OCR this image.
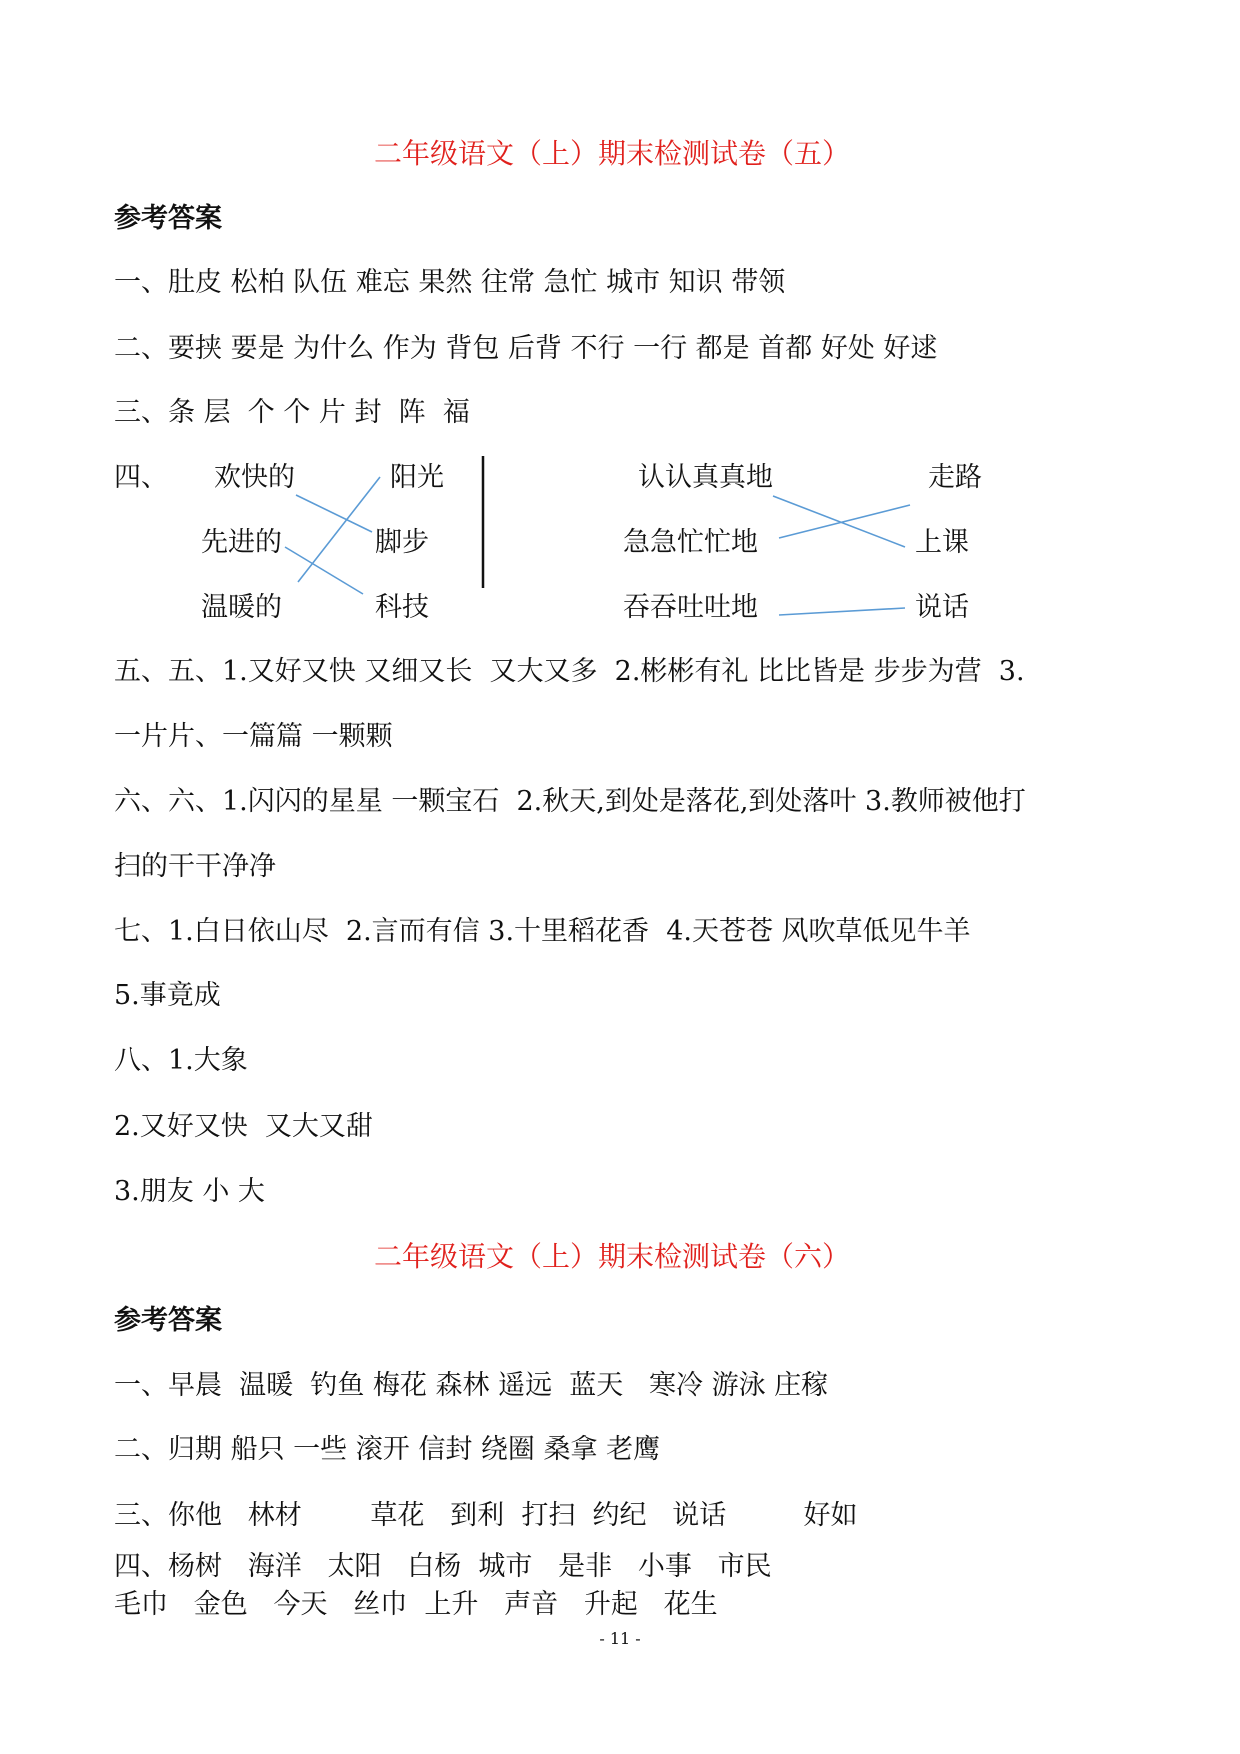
二年级语文（上）期末检测试卷（五）
参考答案
一、肚皮 松柏 队伍 难忘 果然 往常 急忙 城市 知识 带领
二、要挟 要是 为什么 作为 背包 后背 不行 一行 都是 首都 好处 好逑
三、条 层  个 个 片 封  阵  福
四、 欢快的
先进的
温暖的
阳光
脚步
科技
认认真真地
急急忙忙地
吞吞吐吐地
走路
上课
说话
五、五、1.又好又快 又细又长  又大又多  2.彬彬有礼 比比皆是 步步为营  3.
一片片、一篇篇 一颗颗
六、六、1.闪闪的星星 一颗宝石  2.秋天,到处是落花,到处落叶 3.教师被他打
扫的干干净净
七、1.白日依山尽  2.言而有信 3.十里稻花香  4.天苍苍 风吹草低见牛羊
5.事竟成
八、1.大象
2.又好又快  又大又甜
3.朋友 小 大
二年级语文（上）期末检测试卷（六）
参考答案
一、早晨  温暖  钓鱼 梅花 森林 遥远  蓝天   寒冷 游泳 庄稼
二、归期 船只 一些 滚开 信封 绕圈 桑拿 老鹰
三、你他   林材        草花   到利  打扫  约纪   说话         好如
四、杨树   海洋   太阳   白杨  城市   是非   小事   市民
毛巾   金色   今天   丝巾  上升   声音   升起   花生
- 11 -
